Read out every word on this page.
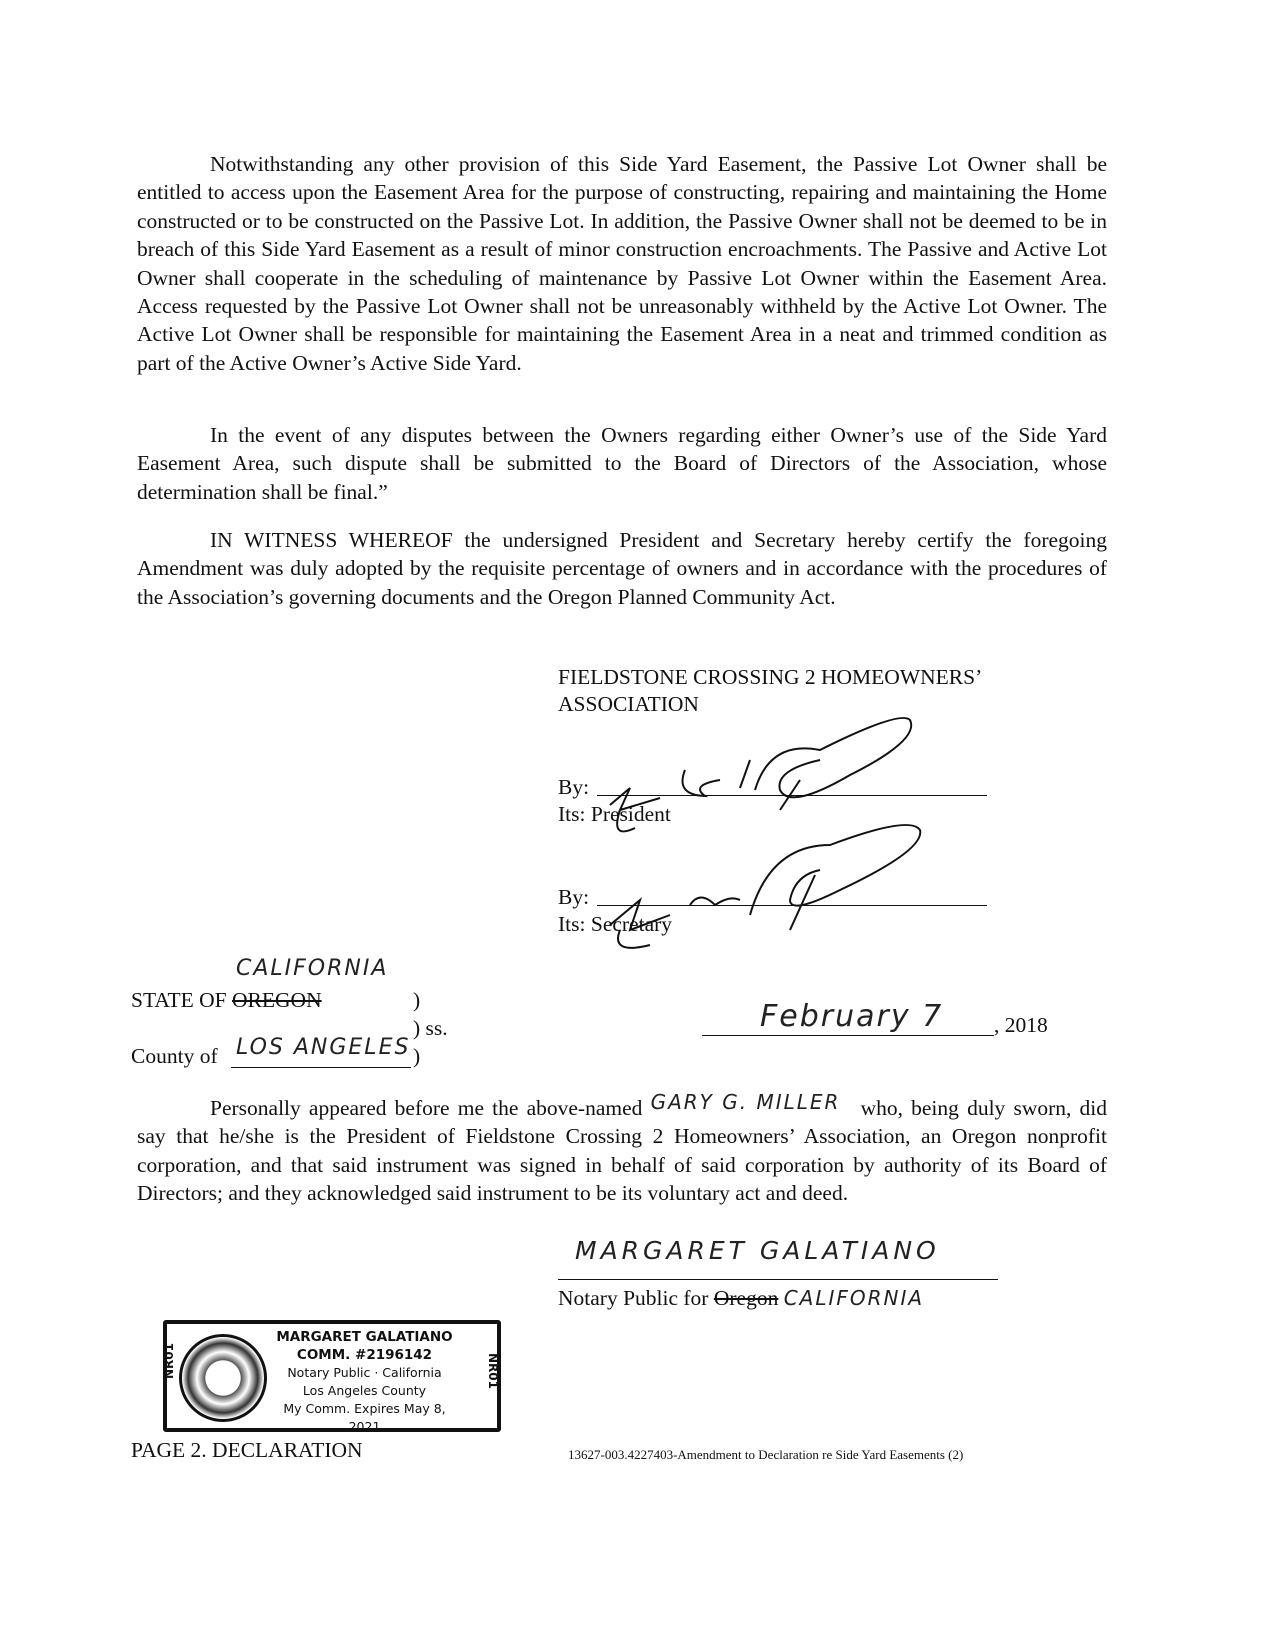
Notwithstanding any other provision of this Side Yard Easement, the Passive Lot Owner shall be entitled to access upon the Easement Area for the purpose of constructing, repairing and maintaining the Home constructed or to be constructed on the Passive Lot. In addition, the Passive Owner shall not be deemed to be in breach of this Side Yard Easement as a result of minor construction encroachments. The Passive and Active Lot Owner shall cooperate in the scheduling of maintenance by Passive Lot Owner within the Easement Area. Access requested by the Passive Lot Owner shall not be unreasonably withheld by the Active Lot Owner. The Active Lot Owner shall be responsible for maintaining the Easement Area in a neat and trimmed condition as part of the Active Owner’s Active Side Yard.

In the event of any disputes between the Owners regarding either Owner’s use of the Side Yard Easement Area, such dispute shall be submitted to the Board of Directors of the Association, whose determination shall be final.”

IN WITNESS WHEREOF the undersigned President and Secretary hereby certify the foregoing Amendment was duly adopted by the requisite percentage of owners and in accordance with the procedures of the Association’s governing documents and the Oregon Planned Community Act.

FIELDSTONE CROSSING 2 HOMEOWNERS’
ASSOCIATION
By:
Its: President
By:
Its: Secretary
CALIFORNIA
STATE OF OREGON	)
) ss.
County of	)
LOS ANGELES
February 7 , 2018
Personally appeared before me the above-named GARY G. MILLER who, being duly sworn, did say that he/she is the President of Fieldstone Crossing 2 Homeowners’ Association, an Oregon nonprofit corporation, and that said instrument was signed in behalf of said corporation by authority of its Board of Directors; and they acknowledged said instrument to be its voluntary act and deed.
MARGARET GALATIANO
Notary Public for Oregon CALIFORNIA
NR01	NR01
MARGARET GALATIANO
COMM. #2196142
Notary Public · California
Los Angeles County
My Comm. Expires May 8, 2021
PAGE 2. DECLARATION	13627-003.4227403-Amendment to Declaration re Side Yard Easements (2)
